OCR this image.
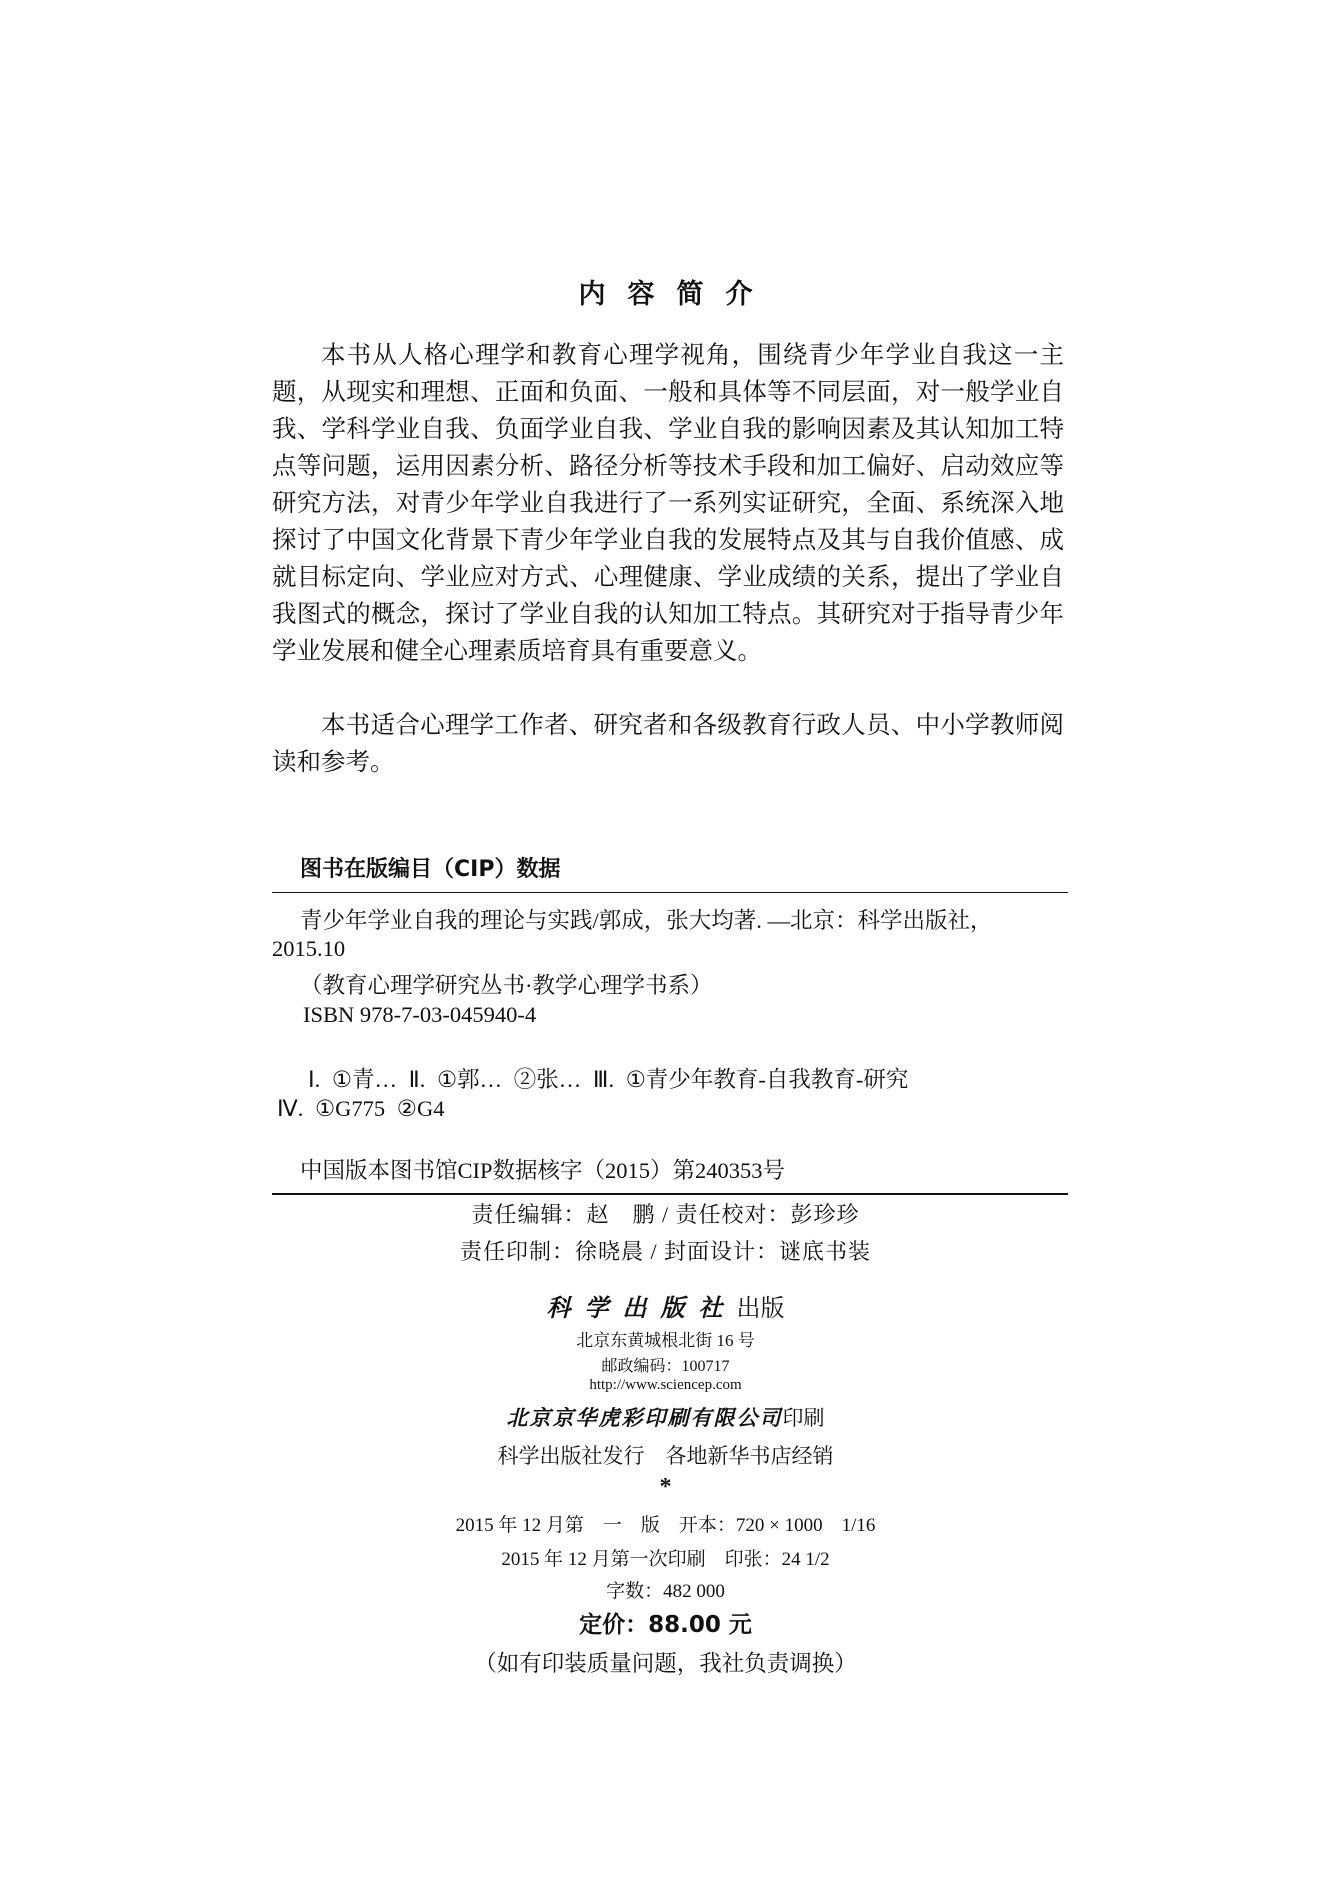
内容简介

本书从人格心理学和教育心理学视角，围绕青少年学业自我这一主题，从现实和理想、正面和负面、一般和具体等不同层面，对一般学业自我、学科学业自我、负面学业自我、学业自我的影响因素及其认知加工特点等问题，运用因素分析、路径分析等技术手段和加工偏好、启动效应等研究方法，对青少年学业自我进行了一系列实证研究，全面、系统深入地探讨了中国文化背景下青少年学业自我的发展特点及其与自我价值感、成就目标定向、学业应对方式、心理健康、学业成绩的关系，提出了学业自我图式的概念，探讨了学业自我的认知加工特点。其研究对于指导青少年学业发展和健全心理素质培育具有重要意义。

本书适合心理学工作者、研究者和各级教育行政人员、中小学教师阅读和参考。

图书在版编目（CIP）数据

青少年学业自我的理论与实践/郭成，张大均著. —北京：科学出版社，

2015.10

（教育心理学研究丛书·教学心理学书系）

ISBN 978-7-03-045940-4

Ⅰ. ①青… Ⅱ. ①郭… ②张… Ⅲ. ①青少年教育-自我教育-研究

Ⅳ. ①G775 ②G4

中国版本图书馆CIP数据核字（2015）第240353号

责任编辑：赵　鹏 / 责任校对：彭珍珍

责任印制：徐晓晨 / 封面设计：谜底书装

科学出版社出版

北京东黄城根北街 16 号

邮政编码：100717

http://www.sciencep.com

北京京华虎彩印刷有限公司印刷

科学出版社发行　各地新华书店经销

*

2015 年 12 月第　一　版　开本：720 × 1000　1/16

2015 年 12 月第一次印刷　印张：24 1/2

字数：482 000

定价：88.00 元

（如有印装质量问题，我社负责调换）
